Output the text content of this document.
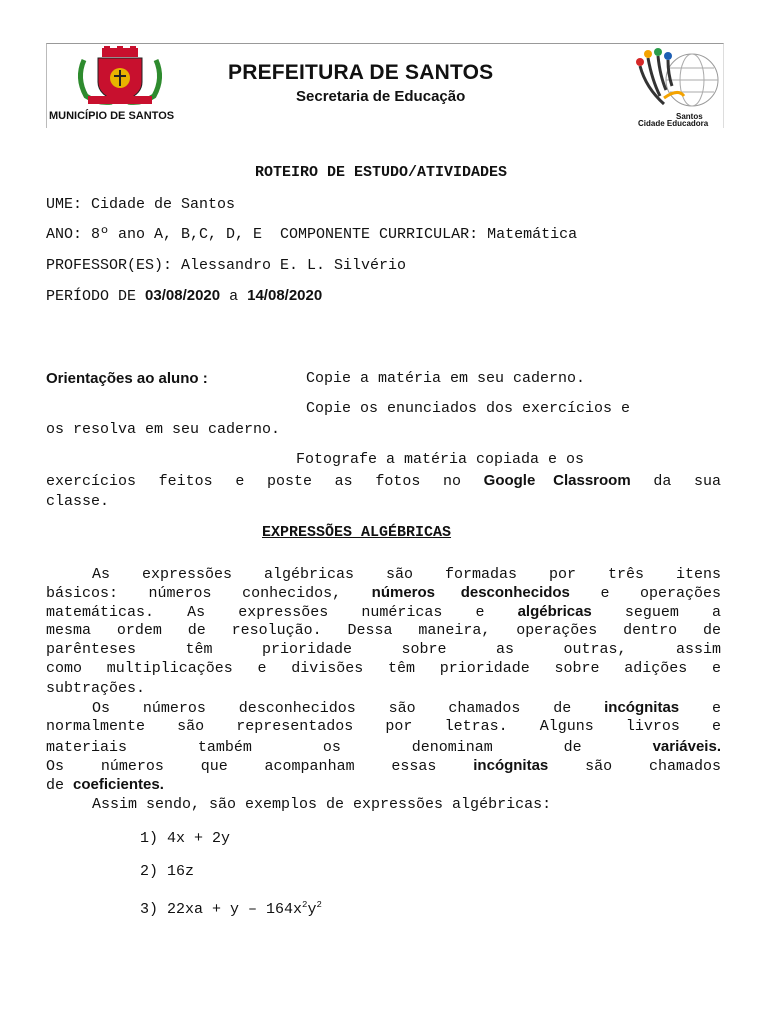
MUNICÍPIO DE SANTOS
PREFEITURA DE SANTOS
Secretaria de Educação
Santos
Cidade Educadora
ROTEIRO DE ESTUDO/ATIVIDADES
UME: Cidade de Santos
ANO: 8º ano A, B,C, D, E  COMPONENTE CURRICULAR: Matemática
PROFESSOR(ES): Alessandro E. L. Silvério
PERÍODO DE 03/08/2020 a 14/08/2020
Orientações ao aluno :	Copie a matéria em seu caderno.
Copie os enunciados dos exercícios e
os resolva em seu caderno.
Fotografe a matéria copiada e os
exercícios feitos e poste as fotos no Google Classroom da sua
classe.
EXPRESSÕES ALGÉBRICAS
As expressões algébricas são formadas por três itens
básicos: números conhecidos, números desconhecidos e operações
matemáticas. As expressões numéricas e algébricas seguem a
mesma ordem de resolução. Dessa maneira, operações dentro de
parênteses têm prioridade sobre as outras, assim
como multiplicações e divisões têm prioridade sobre adições e
subtrações.
Os números desconhecidos são chamados de incógnitas e
normalmente são representados por letras. Alguns livros e
materiais também os denominam de variáveis.
Os números que acompanham essas incógnitas são chamados
de coeficientes.
Assim sendo, são exemplos de expressões algébricas:
1) 4x + 2y
2) 16z
3) $22xa + y - 164x^2y^2$
